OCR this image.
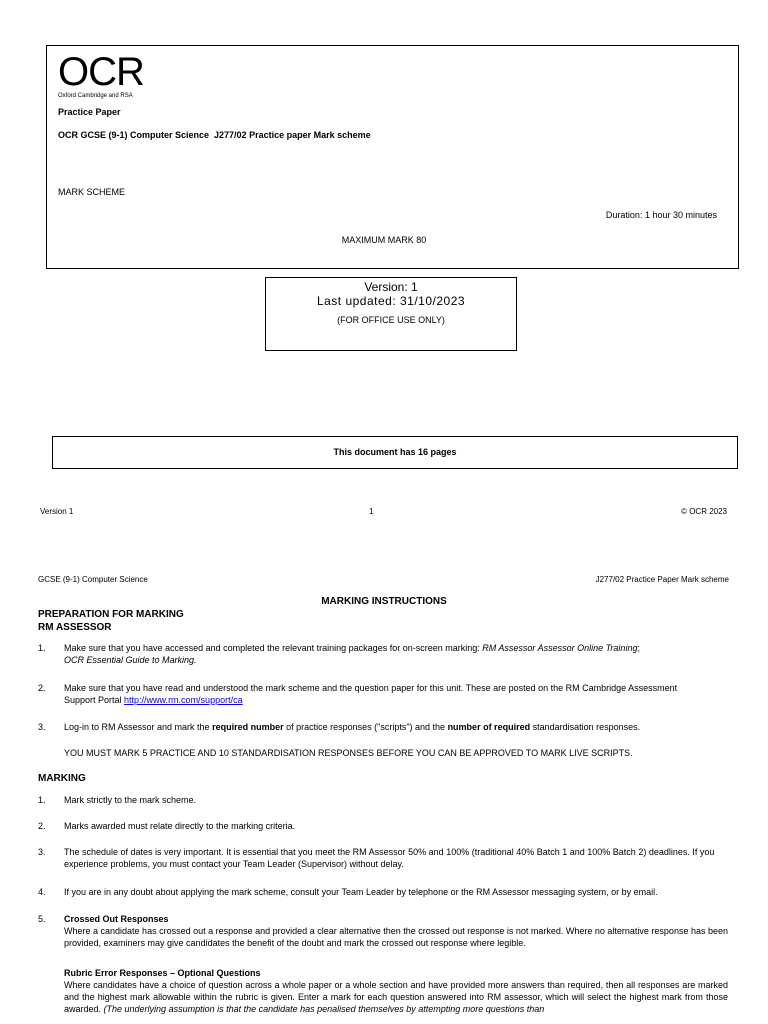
OCR
Oxford Cambridge and RSA
Practice Paper
OCR GCSE (9-1) Computer Science  J277/02 Practice paper Mark scheme
MARK SCHEME
Duration: 1 hour 30 minutes
MAXIMUM MARK 80
Version: 1
Last updated: 31/10/2023
(FOR OFFICE USE ONLY)
This document has 16 pages
Version 1	1	© OCR 2023
GCSE (9-1) Computer Science	J277/02 Practice Paper Mark scheme
MARKING INSTRUCTIONS
PREPARATION FOR MARKING
RM ASSESSOR
1. Make sure that you have accessed and completed the relevant training packages for on-screen marking: RM Assessor Assessor Online Training;
OCR Essential Guide to Marking.
2. Make sure that you have read and understood the mark scheme and the question paper for this unit. These are posted on the RM Cambridge Assessment Support Portal http://www.rm.com/support/ca
3. Log-in to RM Assessor and mark the required number of practice responses ("scripts") and the number of required standardisation responses.
YOU MUST MARK 5 PRACTICE AND 10 STANDARDISATION RESPONSES BEFORE YOU CAN BE APPROVED TO MARK LIVE SCRIPTS.
MARKING
1. Mark strictly to the mark scheme.
2. Marks awarded must relate directly to the marking criteria.
3. The schedule of dates is very important. It is essential that you meet the RM Assessor 50% and 100% (traditional 40% Batch 1 and 100% Batch 2) deadlines. If you experience problems, you must contact your Team Leader (Supervisor) without delay.
4. If you are in any doubt about applying the mark scheme, consult your Team Leader by telephone or the RM Assessor messaging system, or by email.
5. Crossed Out Responses
Where a candidate has crossed out a response and provided a clear alternative then the crossed out response is not marked. Where no alternative response has been provided, examiners may give candidates the benefit of the doubt and mark the crossed out response where legible.
Rubric Error Responses – Optional Questions
Where candidates have a choice of question across a whole paper or a whole section and have provided more answers than required, then all responses are marked and the highest mark allowable within the rubric is given. Enter a mark for each question answered into RM assessor, which will select the highest mark from those awarded. (The underlying assumption is that the candidate has penalised themselves by attempting more questions than
